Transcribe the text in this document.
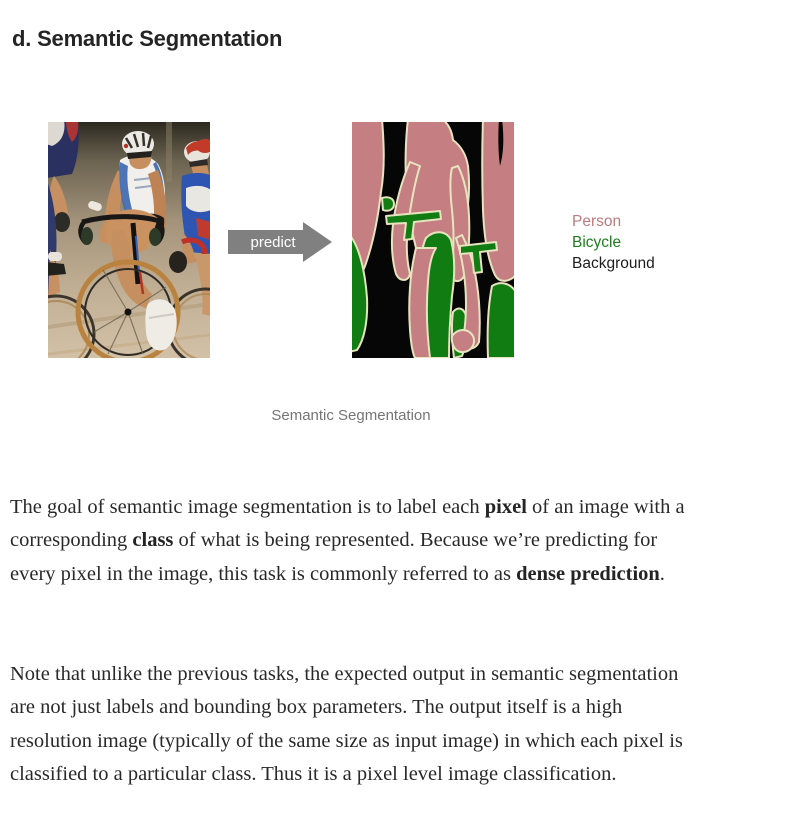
d. Semantic Segmentation
predict
Person
Bicycle
Background
Semantic Segmentation

The goal of semantic image segmentation is to label each pixel of an image with a corresponding class of what is being represented. Because we’re predicting for every pixel in the image, this task is commonly referred to as dense prediction.

Note that unlike the previous tasks, the expected output in semantic segmentation are not just labels and bounding box parameters. The output itself is a high resolution image (typically of the same size as input image) in which each pixel is classified to a particular class. Thus it is a pixel level image classification.
